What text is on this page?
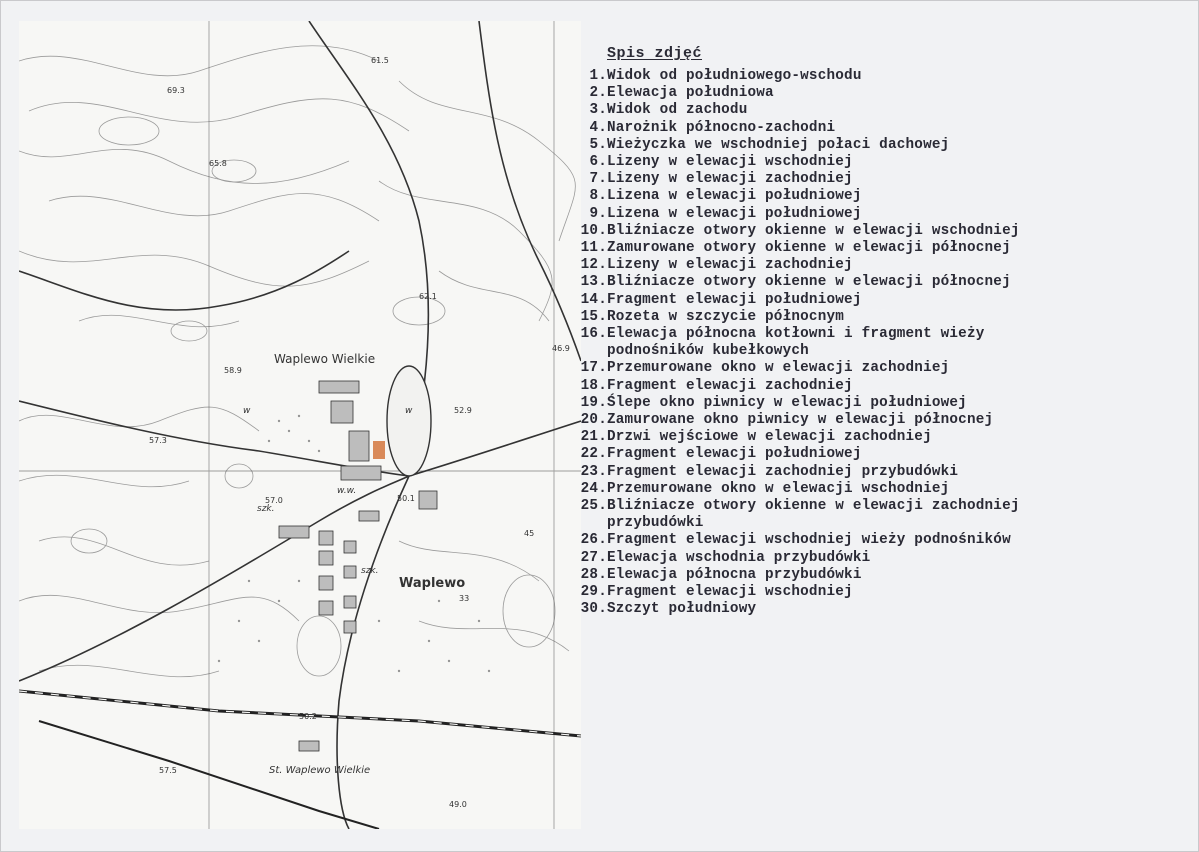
Waplewo Wielkie
Waplewo
St. Waplewo Wielkie
69.3
65.8
62.1
58.9
52.9
57.0	50.1
46.9
45
33
57.3
57.5
50.2
49.0
61.5
szk.
szk.
w.w.
w	w
Spis zdjęć
1. Widok od południowego-wschodu
2. Elewacja południowa
3. Widok od zachodu
4. Narożnik północno-zachodni
5. Wieżyczka we wschodniej połaci dachowej
6. Lizeny w elewacji wschodniej
7. Lizeny w elewacji zachodniej
8. Lizena w elewacji południowej
9. Lizena w elewacji południowej
10. Bliźniacze otwory okienne w elewacji wschodniej
11. Zamurowane otwory okienne w elewacji północnej
12. Lizeny w elewacji zachodniej
13. Bliźniacze otwory okienne w elewacji północnej
14. Fragment elewacji południowej
15. Rozeta w szczycie północnym
16. Elewacja północna kotłowni i fragment wieży
podnośników kubełkowych
17. Przemurowane okno w elewacji zachodniej
18. Fragment elewacji zachodniej
19. Ślepe okno piwnicy w elewacji południowej
20. Zamurowane okno piwnicy w elewacji północnej
21. Drzwi wejściowe w elewacji zachodniej
22. Fragment elewacji południowej
23. Fragment elewacji zachodniej przybudówki
24. Przemurowane okno w elewacji wschodniej
25. Bliźniacze otwory okienne w elewacji zachodniej
przybudówki
26. Fragment elewacji wschodniej wieży podnośników
27. Elewacja wschodnia przybudówki
28. Elewacja północna przybudówki
29. Fragment elewacji wschodniej
30. Szczyt południowy
